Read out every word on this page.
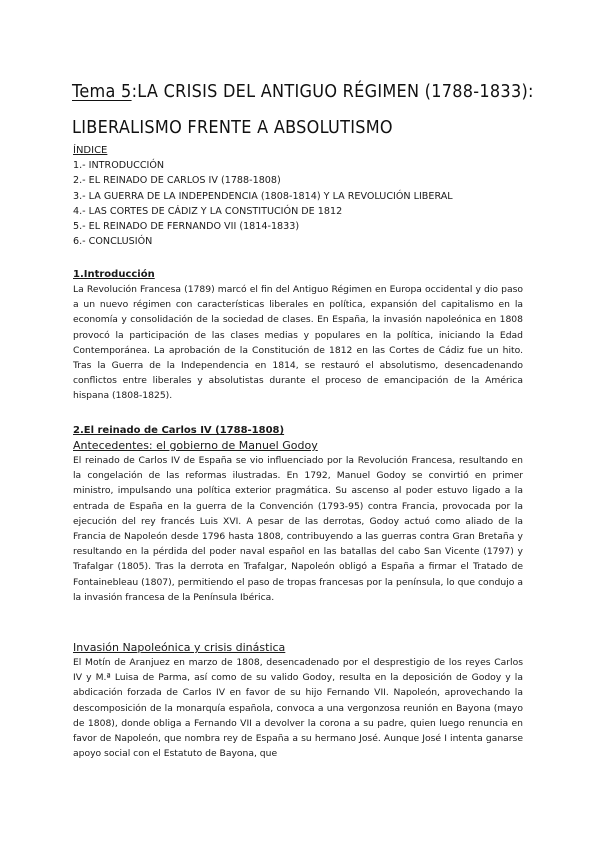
Tema 5:LA CRISIS DEL ANTIGUO RÉGIMEN (1788-1833):
LIBERALISMO FRENTE A ABSOLUTISMO
ÍNDICE
1.- INTRODUCCIÓN
2.- EL REINADO DE CARLOS IV (1788-1808)
3.- LA GUERRA DE LA INDEPENDENCIA (1808-1814) Y LA REVOLUCIÓN LIBERAL
4.- LAS CORTES DE CÁDIZ Y LA CONSTITUCIÓN DE 1812
5.- EL REINADO DE FERNANDO VII (1814-1833)
6.- CONCLUSIÓN
1.Introducción

La Revolución Francesa (1789) marcó el fin del Antiguo Régimen en Europa occidental y dio paso a un nuevo régimen con características liberales en política, expansión del capitalismo en la economía y consolidación de la sociedad de clases. En España, la invasión napoleónica en 1808 provocó la participación de las clases medias y populares en la política, iniciando la Edad Contemporánea. La aprobación de la Constitución de 1812 en las Cortes de Cádiz fue un hito. Tras la Guerra de la Independencia en 1814, se restauró el absolutismo, desencadenando conflictos entre liberales y absolutistas durante el proceso de emancipación de la América hispana (1808-1825).

2.El reinado de Carlos IV (1788-1808)
Antecedentes: el gobierno de Manuel Godoy

El reinado de Carlos IV de España se vio influenciado por la Revolución Francesa, resultando en la congelación de las reformas ilustradas. En 1792, Manuel Godoy se convirtió en primer ministro, impulsando una política exterior pragmática. Su ascenso al poder estuvo ligado a la entrada de España en la guerra de la Convención (1793-95) contra Francia, provocada por la ejecución del rey francés Luis XVI. A pesar de las derrotas, Godoy actuó como aliado de la Francia de Napoleón desde 1796 hasta 1808, contribuyendo a las guerras contra Gran Bretaña y resultando en la pérdida del poder naval español en las batallas del cabo San Vicente (1797) y Trafalgar (1805). Tras la derrota en Trafalgar, Napoleón obligó a España a firmar el Tratado de Fontainebleau (1807), permitiendo el paso de tropas francesas por la península, lo que condujo a la invasión francesa de la Península Ibérica.

Invasión Napoleónica y crisis dinástica

El Motín de Aranjuez en marzo de 1808, desencadenado por el desprestigio de los reyes Carlos IV y M.ª Luisa de Parma, así como de su valido Godoy, resulta en la deposición de Godoy y la abdicación forzada de Carlos IV en favor de su hijo Fernando VII. Napoleón, aprovechando la descomposición de la monarquía española, convoca a una vergonzosa reunión en Bayona (mayo de 1808), donde obliga a Fernando VII a devolver la corona a su padre, quien luego renuncia en favor de Napoleón, que nombra rey de España a su hermano José. Aunque José I intenta ganarse apoyo social con el Estatuto de Bayona, que
